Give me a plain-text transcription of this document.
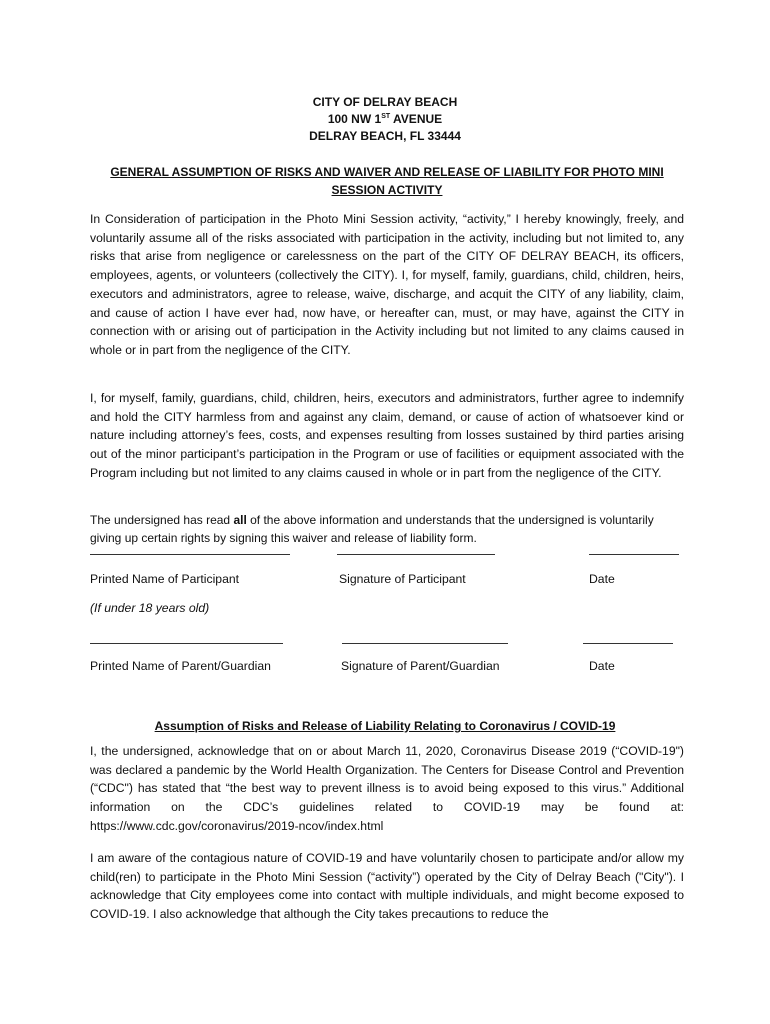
CITY OF DELRAY BEACH
100 NW 1ST AVENUE
DELRAY BEACH, FL 33444
GENERAL ASSUMPTION OF RISKS AND WAIVER AND RELEASE OF LIABILITY FOR PHOTO MINI SESSION ACTIVITY

In Consideration of participation in the Photo Mini Session activity, “activity,” I hereby knowingly, freely, and voluntarily assume all of the risks associated with participation in the activity, including but not limited to, any risks that arise from negligence or carelessness on the part of the CITY OF DELRAY BEACH, its officers, employees, agents, or volunteers (collectively the CITY). I, for myself, family, guardians, child, children, heirs, executors and administrators, agree to release, waive, discharge, and acquit the CITY of any liability, claim, and cause of action I have ever had, now have, or hereafter can, must, or may have, against the CITY in connection with or arising out of participation in the Activity including but not limited to any claims caused in whole or in part from the negligence of the CITY.

I, for myself, family, guardians, child, children, heirs, executors and administrators, further agree to indemnify and hold the CITY harmless from and against any claim, demand, or cause of action of whatsoever kind or nature including attorney’s fees, costs, and expenses resulting from losses sustained by third parties arising out of the minor participant’s participation in the Program or use of facilities or equipment associated with the Program including but not limited to any claims caused in whole or in part from the negligence of the CITY.

The undersigned has read all of the above information and understands that the undersigned is voluntarily giving up certain rights by signing this waiver and release of liability form.

Printed Name of Participant	Signature of Participant	Date
(If under 18 years old)
Printed Name of Parent/Guardian	Signature of Parent/Guardian	Date
Assumption of Risks and Release of Liability Relating to Coronavirus / COVID-19

I, the undersigned, acknowledge that on or about March 11, 2020, Coronavirus Disease 2019 (“COVID-19") was declared a pandemic by the World Health Organization. The Centers for Disease Control and Prevention (“CDC") has stated that “the best way to prevent illness is to avoid being exposed to this virus.” Additional information on the CDC’s guidelines related to COVID-19 may be found at: https://www.cdc.gov/coronavirus/2019-ncov/index.html

I am aware of the contagious nature of COVID-19 and have voluntarily chosen to participate and/or allow my child(ren) to participate in the Photo Mini Session (“activity”) operated by the City of Delray Beach ("City"). I acknowledge that City employees come into contact with multiple individuals, and might become exposed to COVID-19. I also acknowledge that although the City takes precautions to reduce the
